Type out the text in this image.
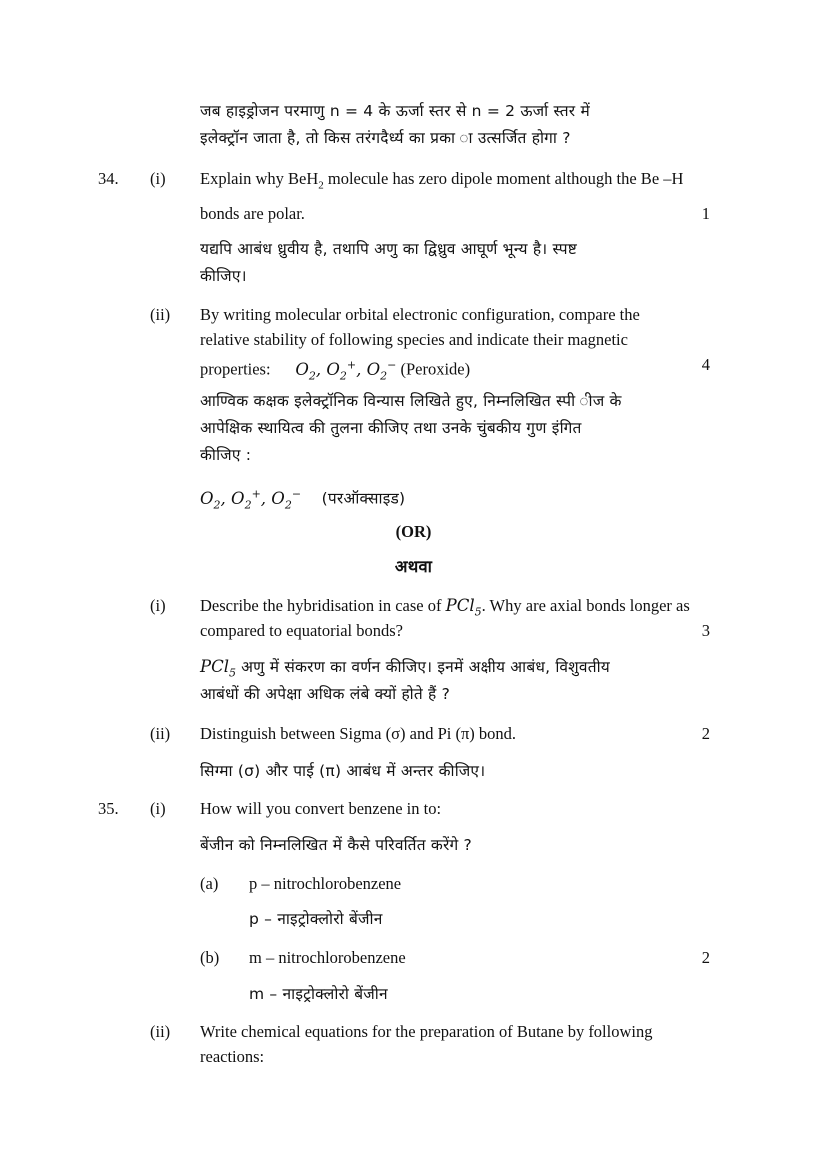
जब हाइड्रोजन परमाणु n = 4 के ऊर्जा स्तर से n = 2 ऊर्जा स्तर में
इलेक्ट्रॉन जाता है, तो किस तरंगदैर्ध्य का प्रका ा उत्सर्जित होगा ?
34. (i) Explain why BeH$_2$ molecule has zero dipole moment although the Be –H
bonds are polar.	1
यद्यपि आबंध ध्रुवीय है, तथापि अणु का द्विध्रुव आघूर्ण भून्य है। स्पष्ट
कीजिए।
(ii) By writing molecular orbital electronic configuration, compare the
relative stability of following species and indicate their magnetic
properties: $O_2$, $O_2^+$, $O_2^-$ (Peroxide)	4
आण्विक कक्षक इलेक्ट्रॉनिक विन्यास लिखिते हुए, निम्नलिखित स्पी ीज के
आपेक्षिक स्थायित्व की तुलना कीजिए तथा उनके चुंबकीय गुण इंगित
कीजिए :
$O_2$, $O_2^+$, $O_2^-$ (परऑक्साइड)
(OR)
अथवा
(i) Describe the hybridisation in case of PCl$_5$. Why are axial bonds longer as
compared to equatorial bonds?	3
PCl$_5$ अणु में संकरण का वर्णन कीजिए। इनमें अक्षीय आबंध, विशुवतीय
आबंधों की अपेक्षा अधिक लंबे क्यों होते हैं ?
(ii) Distinguish between Sigma (σ) and Pi (π) bond.	2
सिग्मा (σ) और पाई (π) आबंध में अन्तर कीजिए।
35. (i) How will you convert benzene in to:
बेंजीन को निम्नलिखित में कैसे परिवर्तित करेंगे ?
(a) p – nitrochlorobenzene
p – नाइट्रोक्लोरो बेंजीन
(b) m – nitrochlorobenzene	2
m – नाइट्रोक्लोरो बेंजीन
(ii) Write chemical equations for the preparation of Butane by following
reactions:
